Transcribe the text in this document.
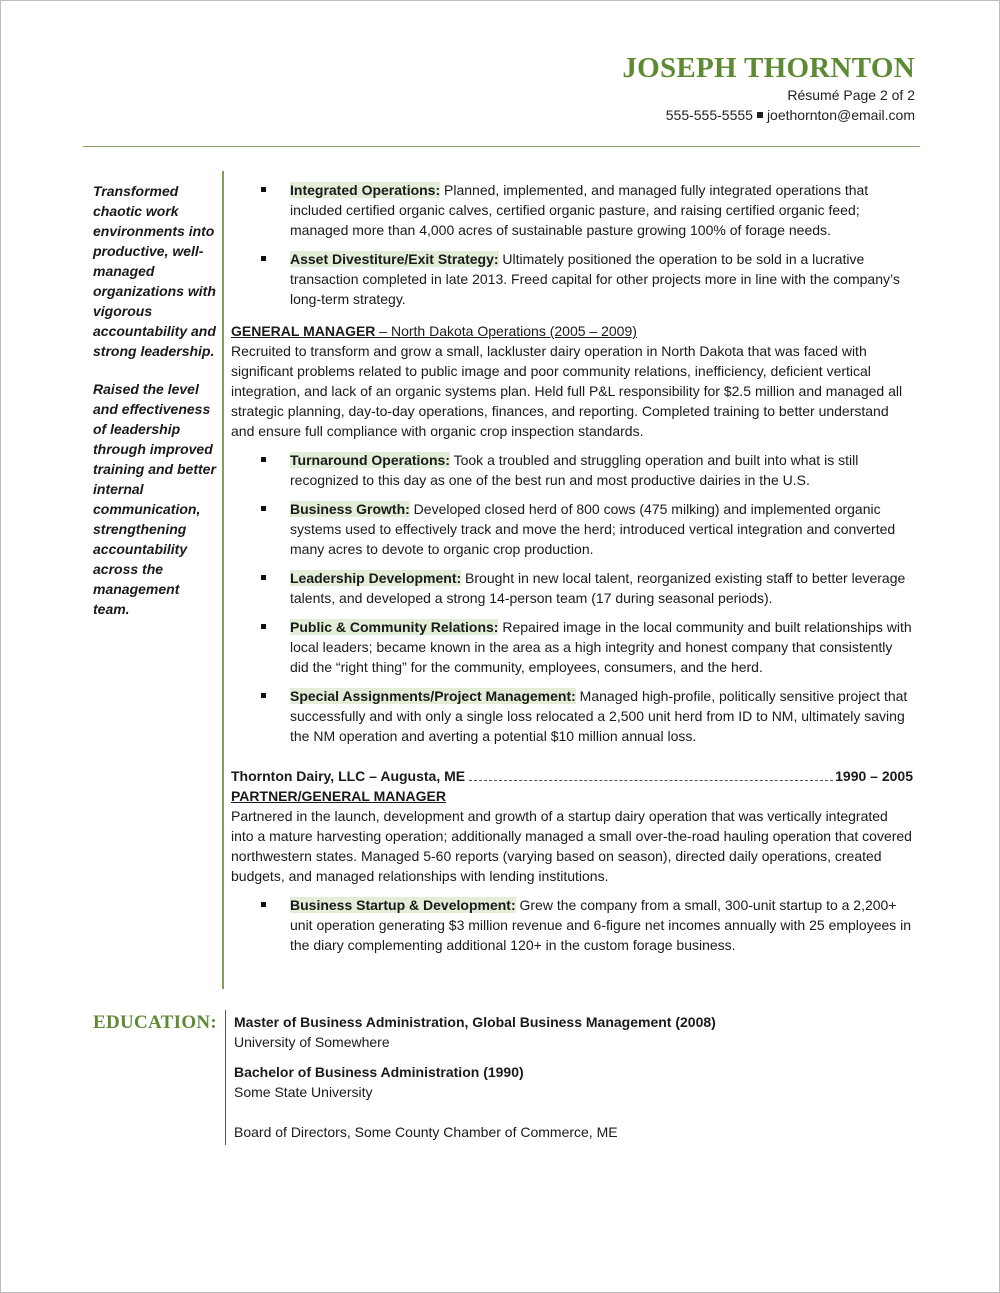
JOSEPH THORNTON
Résumé Page 2 of 2
555-555-5555 joethornton@email.com
Transformed chaotic work environments into productive, well-managed organizations with vigorous accountability and strong leadership.
Raised the level and effectiveness of leadership through improved training and better internal communication, strengthening accountability across the management team.
Integrated Operations: Planned, implemented, and managed fully integrated operations that included certified organic calves, certified organic pasture, and raising certified organic feed; managed more than 4,000 acres of sustainable pasture growing 100% of forage needs.
Asset Divestiture/Exit Strategy: Ultimately positioned the operation to be sold in a lucrative transaction completed in late 2013. Freed capital for other projects more in line with the company’s long-term strategy.
GENERAL MANAGER – North Dakota Operations (2005 – 2009)
Recruited to transform and grow a small, lackluster dairy operation in North Dakota that was faced with significant problems related to public image and poor community relations, inefficiency, deficient vertical integration, and lack of an organic systems plan. Held full P&L responsibility for $2.5 million and managed all strategic planning, day-to-day operations, finances, and reporting. Completed training to better understand and ensure full compliance with organic crop inspection standards.
Turnaround Operations: Took a troubled and struggling operation and built into what is still recognized to this day as one of the best run and most productive dairies in the U.S.
Business Growth: Developed closed herd of 800 cows (475 milking) and implemented organic systems used to effectively track and move the herd; introduced vertical integration and converted many acres to devote to organic crop production.
Leadership Development: Brought in new local talent, reorganized existing staff to better leverage talents, and developed a strong 14-person team (17 during seasonal periods).
Public & Community Relations: Repaired image in the local community and built relationships with local leaders; became known in the area as a high integrity and honest company that consistently did the “right thing” for the community, employees, consumers, and the herd.
Special Assignments/Project Management: Managed high-profile, politically sensitive project that successfully and with only a single loss relocated a 2,500 unit herd from ID to NM, ultimately saving the NM operation and averting a potential $10 million annual loss.
Thornton Dairy, LLC – Augusta, ME	1990 – 2005
PARTNER/GENERAL MANAGER
Partnered in the launch, development and growth of a startup dairy operation that was vertically integrated into a mature harvesting operation; additionally managed a small over-the-road hauling operation that covered northwestern states. Managed 5-60 reports (varying based on season), directed daily operations, created budgets, and managed relationships with lending institutions.
Business Startup & Development: Grew the company from a small, 300-unit startup to a 2,200+ unit operation generating $3 million revenue and 6-figure net incomes annually with 25 employees in the diary complementing additional 120+ in the custom forage business.
EDUCATION: Master of Business Administration, Global Business Management (2008)
University of Somewhere
Bachelor of Business Administration (1990)
Some State University
Board of Directors, Some County Chamber of Commerce, ME
